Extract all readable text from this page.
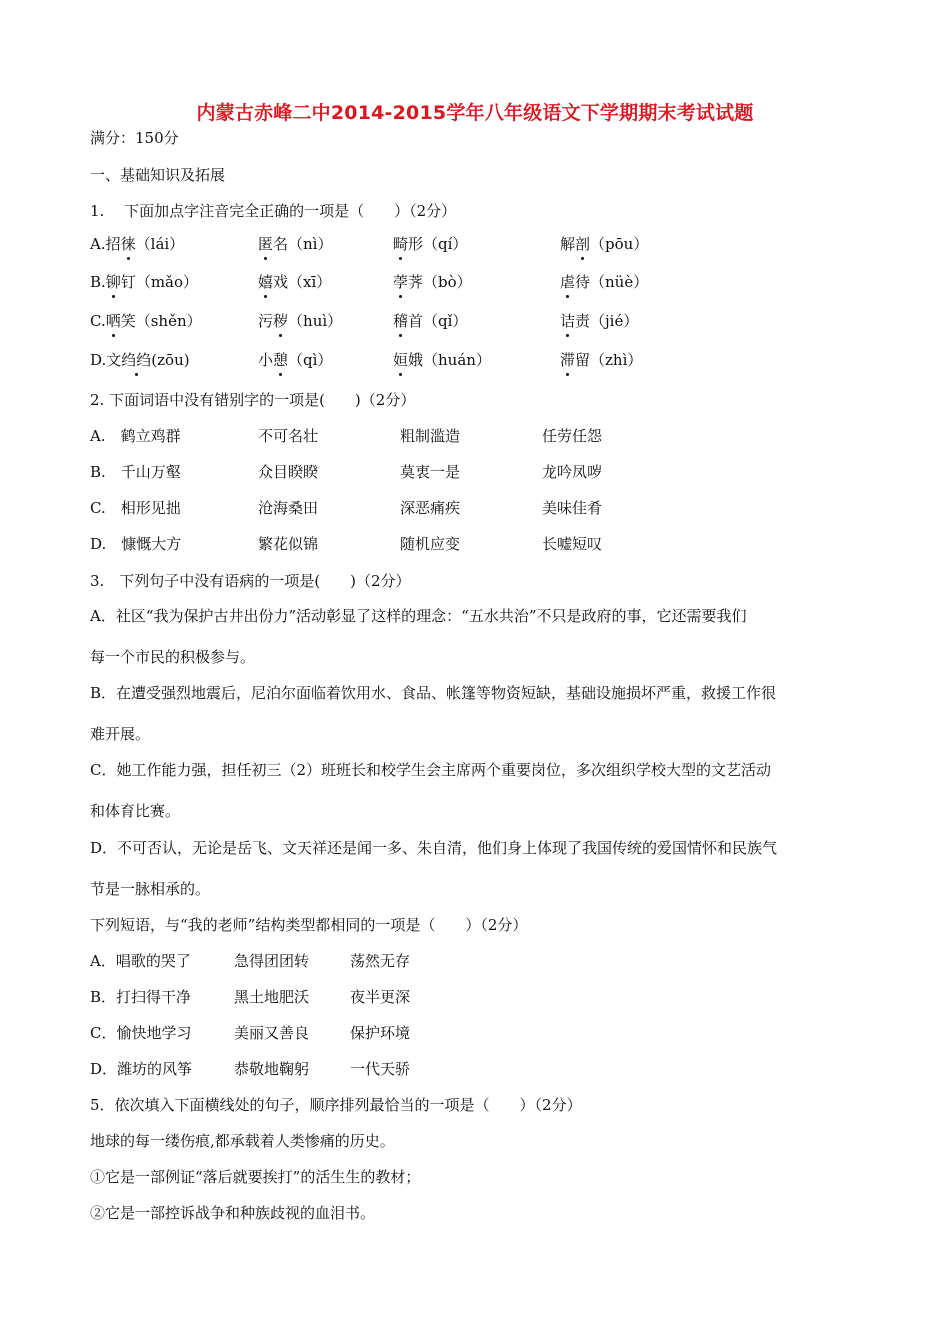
内蒙古赤峰二中2014-2015学年八年级语文下学期期末考试试题
满分：150分
一、基础知识及拓展
1.　 下面加点字注音完全正确的一项是（　　）（2分）
A.招徕（lái）	匿名（nì）	畸形（qí）	解剖（pōu）
B.铆钉（mǎo）	嬉戏（xī）	荸荠（bò）	虐待（nüè）
C.哂笑（shěn）	污秽（huì）	稽首（qǐ）	诘责（jié）
D.文绉绉(zōu)	小憩（qì）	姮娥（huán）	滞留（zhì）
2. 下面词语中没有错别字的一项是(　　)（2分）
A.　鹤立鸡群	不可名壮	粗制滥造	任劳任怨
B.　千山万壑	众目睽睽	莫衷一是	龙吟凤哕
C.　相形见拙	沧海桑田	深恶痛疾	美味佳肴
D.　慷慨大方	繁花似锦	随机应变	长嘘短叹
3.　下列句子中没有语病的一项是(　　)（2分）
A．社区“我为保护古井出份力”活动彰显了这样的理念：“五水共治”不只是政府的事，它还需要我们
每一个市民的积极参与。
B．在遭受强烈地震后，尼泊尔面临着饮用水、食品、帐篷等物资短缺，基础设施损坏严重，救援工作很
难开展。
C．她工作能力强，担任初三（2）班班长和校学生会主席两个重要岗位，多次组织学校大型的文艺活动
和体育比赛。
D．不可否认，无论是岳飞、文天祥还是闻一多、朱自清，他们身上体现了我国传统的爱国情怀和民族气
节是一脉相承的。
下列短语，与“我的老师”结构类型都相同的一项是（　　）（2分）
A．唱歌的哭了	急得团团转	荡然无存
B．打扫得干净	黑土地肥沃	夜半更深
C．愉快地学习	美丽又善良	保护环境
D．潍坊的风筝	恭敬地鞠躬	一代天骄
5．依次填入下面横线处的句子，顺序排列最恰当的一项是（　　）（2分）
地球的每一缕伤痕,都承载着人类惨痛的历史。
①它是一部例证“落后就要挨打”的活生生的教材；
②它是一部控诉战争和种族歧视的血泪书。
